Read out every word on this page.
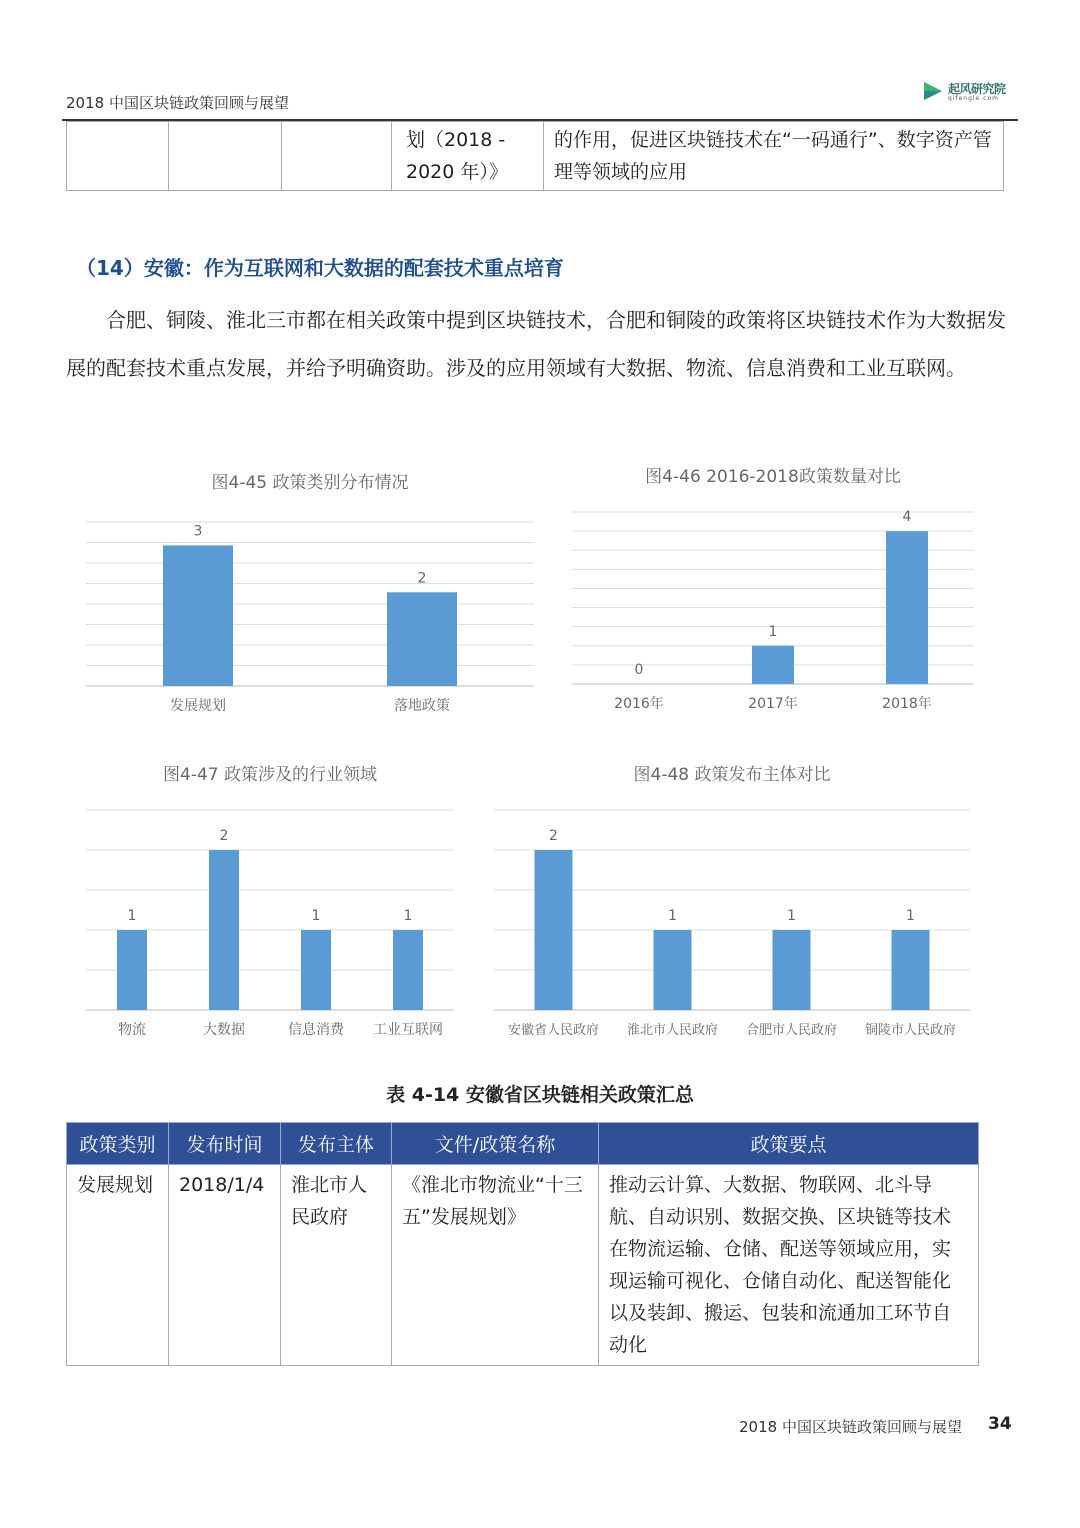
2018 中国区块链政策回顾与展望
起风研究院
qifengle.com
			划（2018 - 2020 年）》	的作用，促进区块链技术在“一码通行”、数字资产管理等领域的应用
（14）安徽：作为互联网和大数据的配套技术重点培育
合肥、铜陵、淮北三市都在相关政策中提到区块链技术，合肥和铜陵的政策将区块链技术作为大数据发展的配套技术重点发展，并给予明确资助。涉及的应用领域有大数据、物流、信息消费和工业互联网。
图4-45 政策类别分布情况
3
发展规划
2
落地政策
图4-46 2016-2018政策数量对比
0
2016年
1
2017年
4
2018年
图4-47 政策涉及的行业领域
1
物流
2
大数据
1
信息消费
1
工业互联网
图4-48 政策发布主体对比
2
安徽省人民政府
1
淮北市人民政府
1
合肥市人民政府
1
铜陵市人民政府
表 4-14 安徽省区块链相关政策汇总
政策类别	发布时间	发布主体	文件/政策名称	政策要点
发展规划	2018/1/4	淮北市人民政府	《淮北市物流业“十三五”发展规划》	推动云计算、大数据、物联网、北斗导航、自动识别、数据交换、区块链等技术在物流运输、仓储、配送等领域应用，实现运输可视化、仓储自动化、配送智能化以及装卸、搬运、包装和流通加工环节自动化
2018 中国区块链政策回顾与展望 34
